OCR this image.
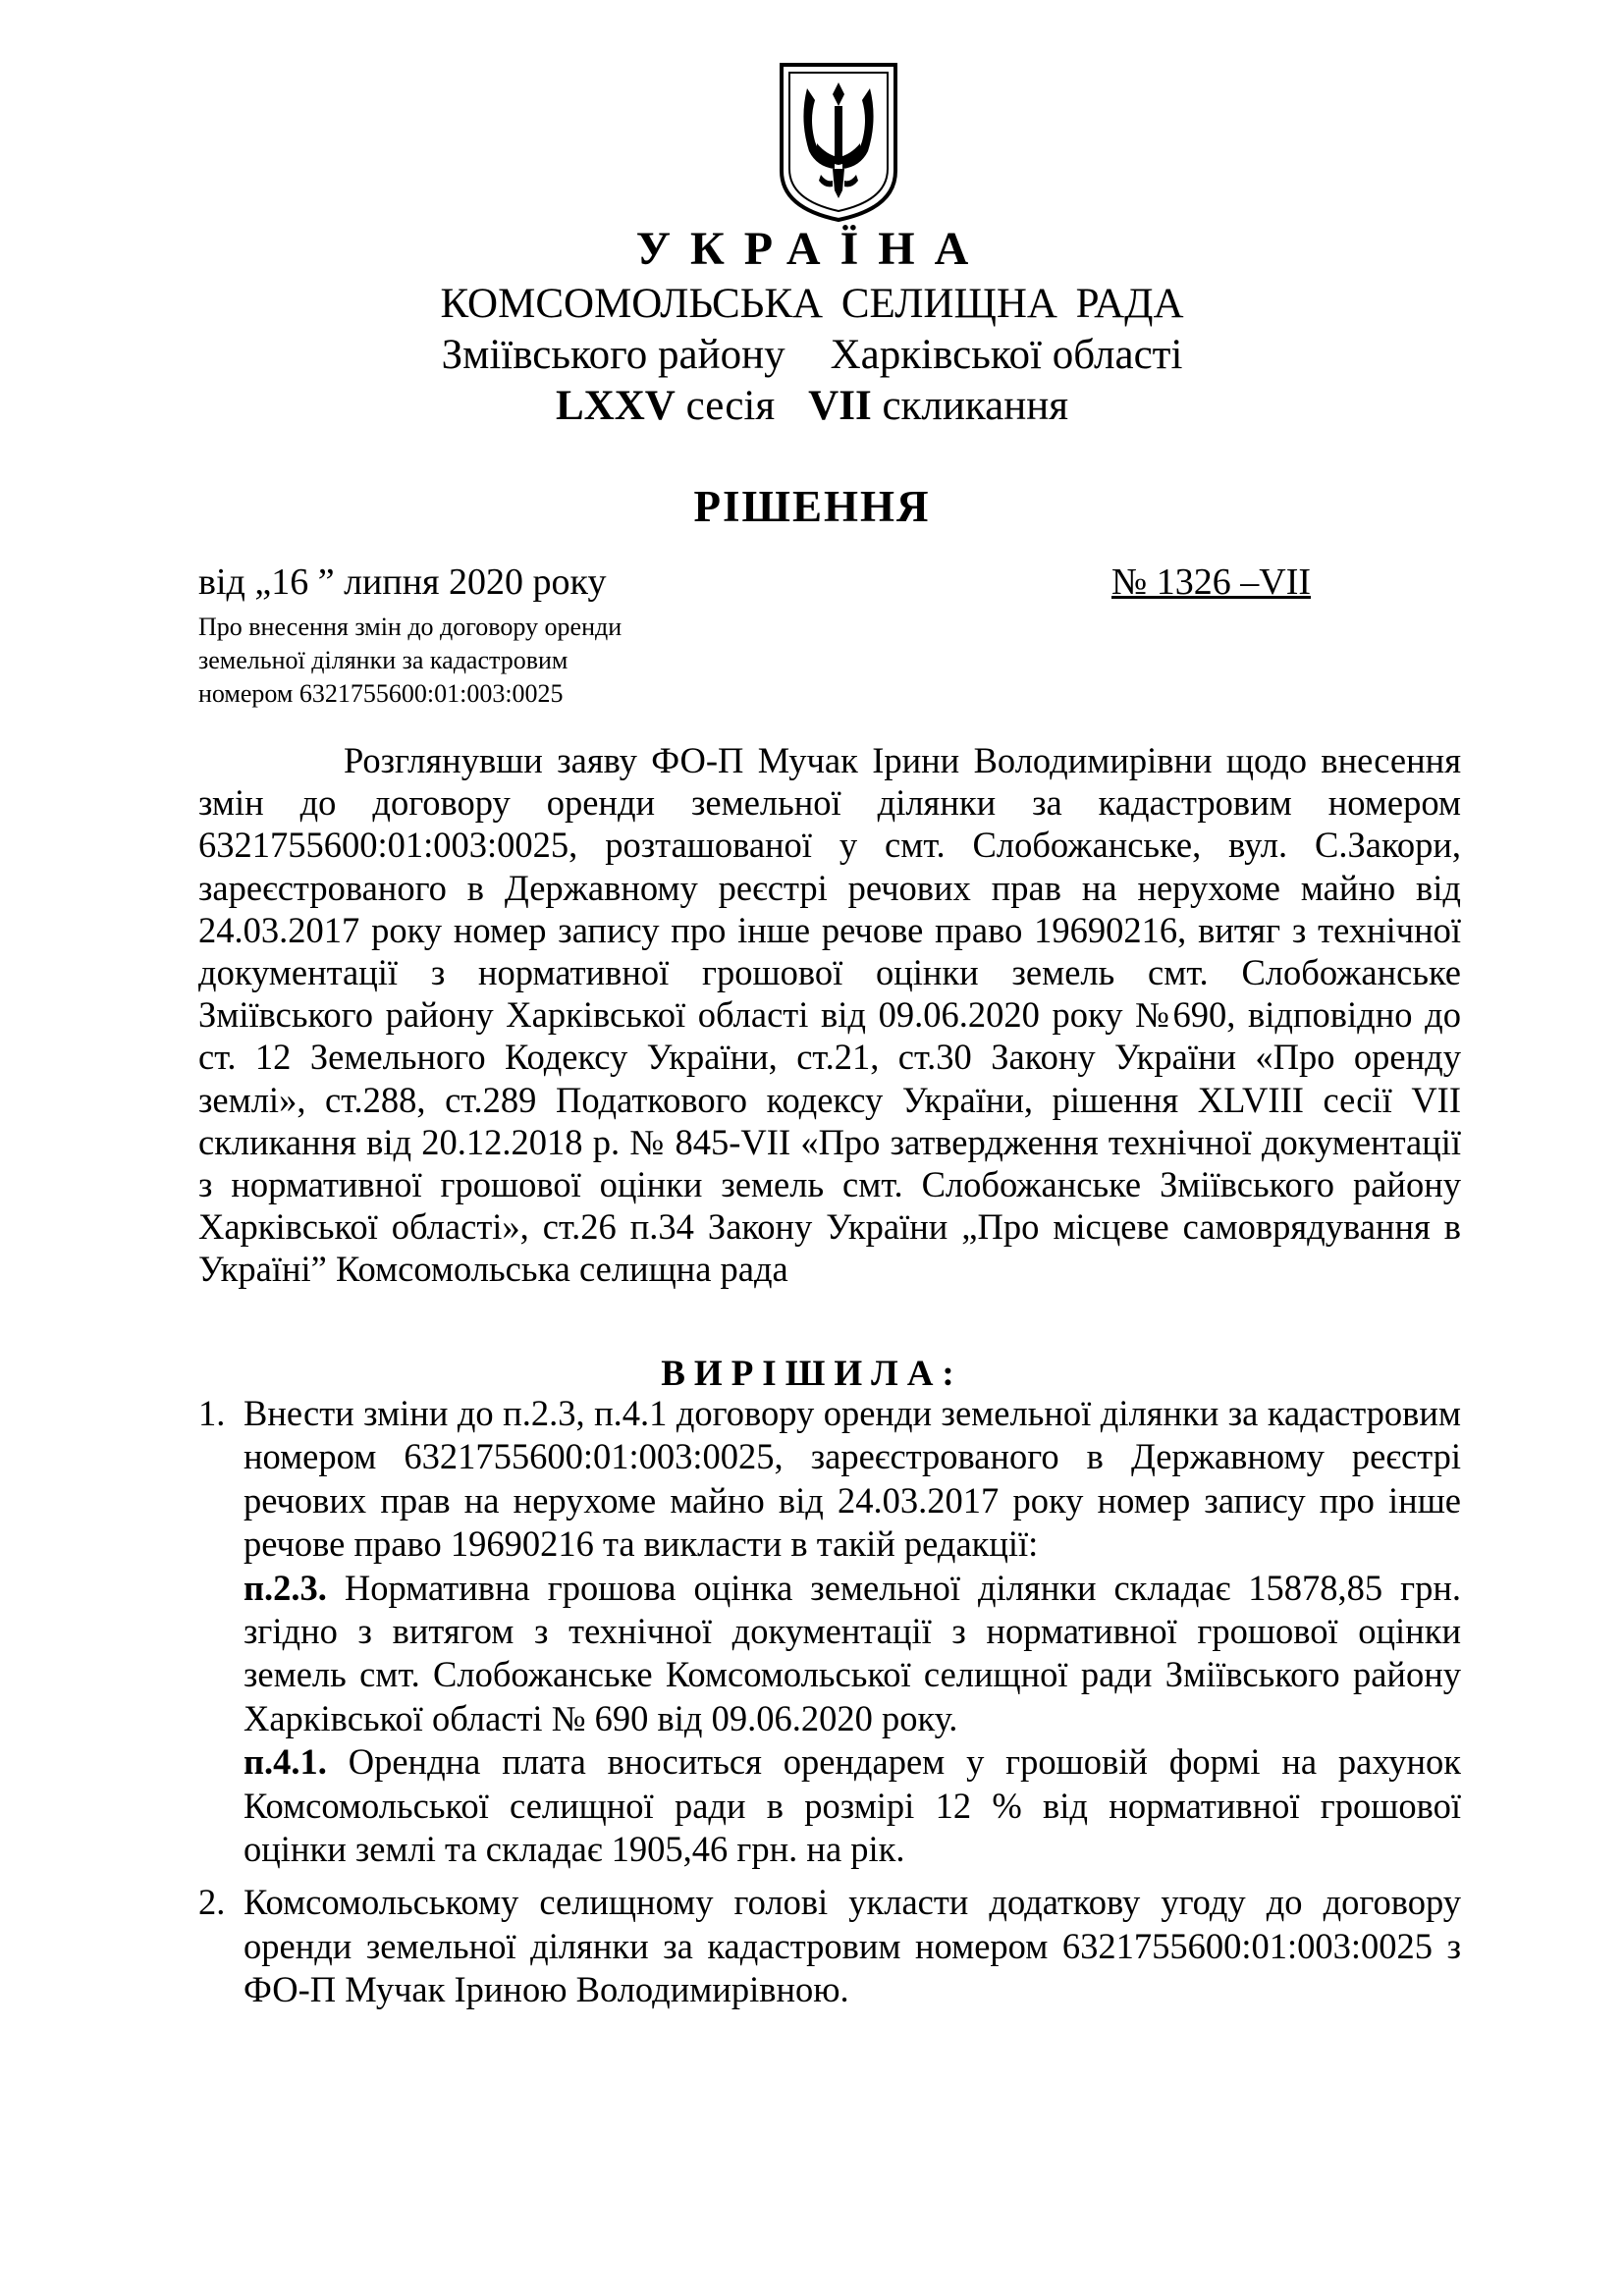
УКРАЇНА
КОМСОМОЛЬСЬКА СЕЛИЩНА РАДА
Зміївського району Харківської області
LXXV сесія VII скликання
РІШЕННЯ
від „16 ” липня 2020 року	№ 1326 –VII
Про внесення змін до договору оренди
земельної ділянки за кадастровим
номером 6321755600:01:003:0025
Розглянувши заяву ФО-П Мучак Ірини Володимирівни щодо внесення змін до договору оренди земельної ділянки за кадастровим номером 6321755600:01:003:0025, розташованої у смт. Слобожанське, вул. С.Закори, зареєстрованого в Державному реєстрі речових прав на нерухоме майно від 24.03.2017 року номер запису про інше речове право 19690216, витяг з технічної документації з нормативної грошової оцінки земель смт. Слобожанське Зміївського району Харківської області від 09.06.2020 року №690, відповідно до ст. 12 Земельного Кодексу України, ст.21, ст.30 Закону України «Про оренду землі», ст.288, ст.289 Податкового кодексу України, рішення XLVIII сесії VII скликання від 20.12.2018 р. № 845-VII «Про затвердження технічної документації з нормативної грошової оцінки земель смт. Слобожанське Зміївського району Харківської області», ст.26 п.34 Закону України „Про місцеве самоврядування в Україні” Комсомольська селищна рада
ВИРІШИЛА:
1. Внести зміни до п.2.3, п.4.1 договору оренди земельної ділянки за кадастровим номером 6321755600:01:003:0025, зареєстрованого в Державному реєстрі речових прав на нерухоме майно від 24.03.2017 року номер запису про інше речове право 19690216 та викласти в такій редакції:

п.2.3. Нормативна грошова оцінка земельної ділянки складає 15878,85 грн. згідно з витягом з технічної документації з нормативної грошової оцінки земель смт. Слобожанське Комсомольської селищної ради Зміївського району Харківської області № 690 від 09.06.2020 року.

п.4.1. Орендна плата вноситься орендарем у грошовій формі на рахунок Комсомольської селищної ради в розмірі 12 % від нормативної грошової оцінки землі та складає 1905,46 грн. на рік.

2. Комсомольському селищному голові укласти додаткову угоду до договору оренди земельної ділянки за кадастровим номером 6321755600:01:003:0025 з ФО-П Мучак Іриною Володимирівною.
